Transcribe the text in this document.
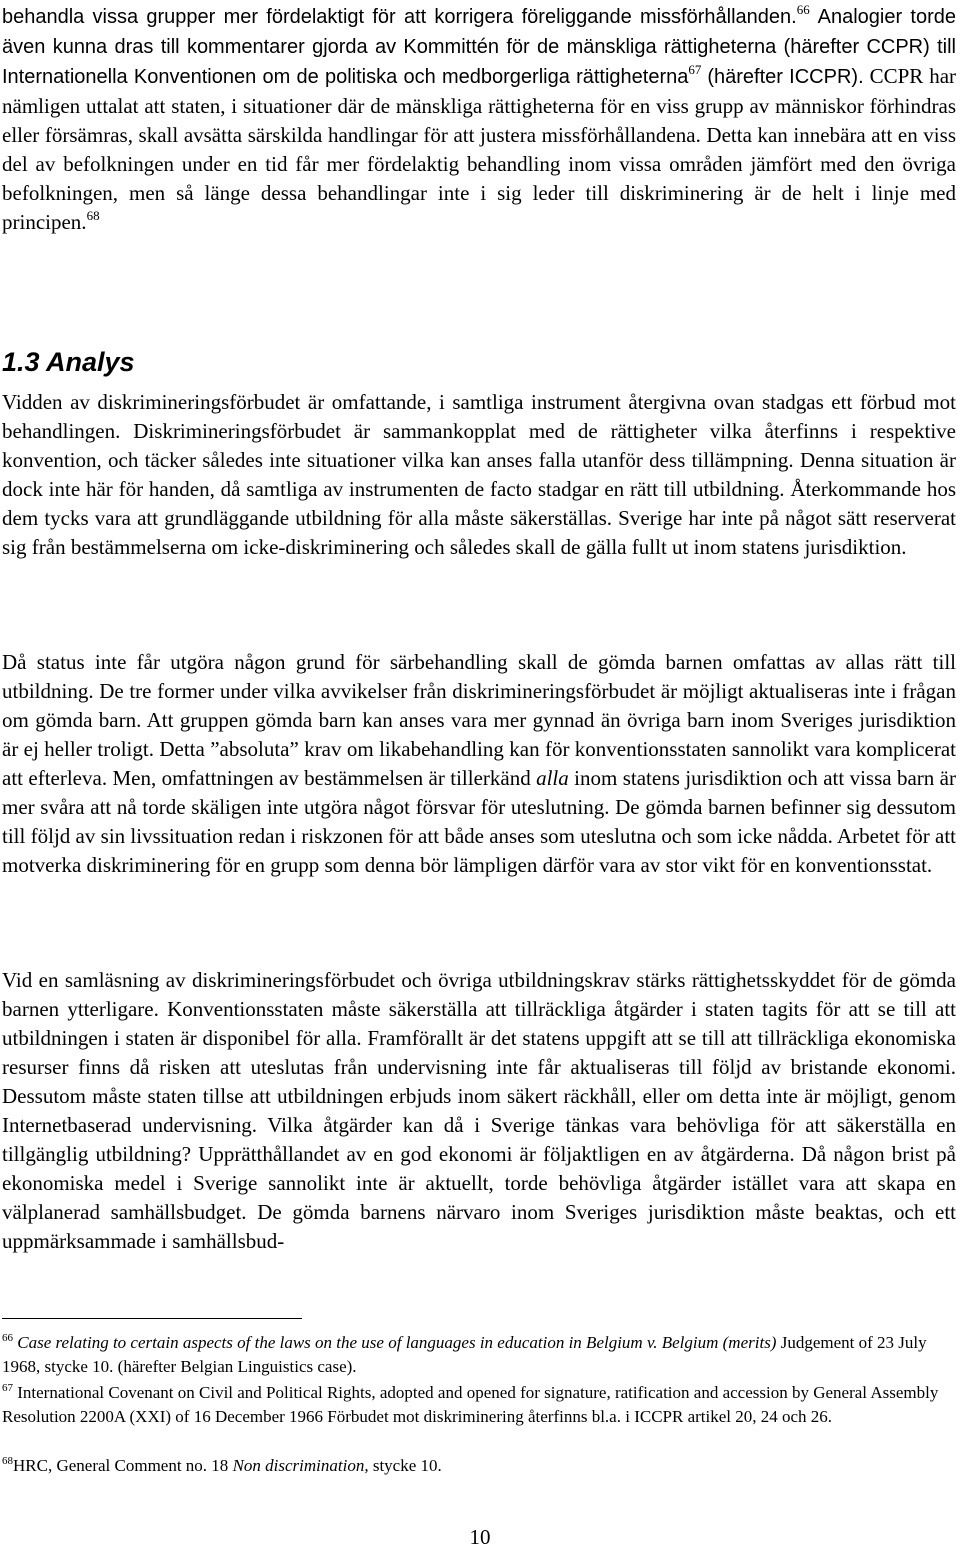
behandla vissa grupper mer fördelaktigt för att korrigera föreliggande missförhållanden.$^{66}$ Analogier torde även kunna dras till kommentarer gjorda av Kommittén för de mänskliga rättigheterna (härefter CCPR) till Internationella Konventionen om de politiska och medborgerliga rättigheterna$^{67}$ (härefter ICCPR). CCPR har nämligen uttalat att staten, i situationer där de mänskliga rättigheterna för en viss grupp av människor förhindras eller försämras, skall avsätta särskilda handlingar för att justera missförhållandena. Detta kan innebära att en viss del av befolkningen under en tid får mer fördelaktig behandling inom vissa områden jämfört med den övriga befolkningen, men så länge dessa behandlingar inte i sig leder till diskriminering är de helt i linje med principen.$^{68}$

1.3 Analys

Vidden av diskrimineringsförbudet är omfattande, i samtliga instrument återgivna ovan stadgas ett förbud mot behandlingen. Diskrimineringsförbudet är sammankopplat med de rättigheter vilka återfinns i respektive konvention, och täcker således inte situationer vilka kan anses falla utanför dess tillämpning. Denna situation är dock inte här för handen, då samtliga av instrumenten de facto stadgar en rätt till utbildning. Återkommande hos dem tycks vara att grundläggande utbildning för alla måste säkerställas. Sverige har inte på något sätt reserverat sig från bestämmelserna om icke-diskriminering och således skall de gälla fullt ut inom statens jurisdiktion.

Då status inte får utgöra någon grund för särbehandling skall de gömda barnen omfattas av allas rätt till utbildning. De tre former under vilka avvikelser från diskrimineringsförbudet är möjligt aktualiseras inte i frågan om gömda barn. Att gruppen gömda barn kan anses vara mer gynnad än övriga barn inom Sveriges jurisdiktion är ej heller troligt. Detta ”absoluta” krav om likabehandling kan för konventionsstaten sannolikt vara komplicerat att efterleva. Men, omfattningen av bestämmelsen är tillerkänd alla inom statens jurisdiktion och att vissa barn är mer svåra att nå torde skäligen inte utgöra något försvar för uteslutning. De gömda barnen befinner sig dessutom till följd av sin livssituation redan i riskzonen för att både anses som uteslutna och som icke nådda. Arbetet för att motverka diskriminering för en grupp som denna bör lämpligen därför vara av stor vikt för en konventionsstat.

Vid en samläsning av diskrimineringsförbudet och övriga utbildningskrav stärks rättighetsskyddet för de gömda barnen ytterligare. Konventionsstaten måste säkerställa att tillräckliga åtgärder i staten tagits för att se till att utbildningen i staten är disponibel för alla. Framförallt är det statens uppgift att se till att tillräckliga ekonomiska resurser finns då risken att uteslutas från undervisning inte får aktualiseras till följd av bristande ekonomi. Dessutom måste staten tillse att utbildningen erbjuds inom säkert räckhåll, eller om detta inte är möjligt, genom Internetbaserad undervisning. Vilka åtgärder kan då i Sverige tänkas vara behövliga för att säkerställa en tillgänglig utbildning? Upprätthållandet av en god ekonomi är följaktligen en av åtgärderna. Då någon brist på ekonomiska medel i Sverige sannolikt inte är aktuellt, torde behövliga åtgärder istället vara att skapa en välplanerad samhällsbudget. De gömda barnens närvaro inom Sveriges jurisdiktion måste beaktas, och ett uppmärksammade i samhällsbud-

$^{66}$ Case relating to certain aspects of the laws on the use of languages in education in Belgium v. Belgium (merits) Judgement of 23 July 1968, stycke 10. (härefter Belgian Linguistics case).

$^{67}$ International Covenant on Civil and Political Rights, adopted and opened for signature, ratification and accession by General Assembly Resolution 2200A (XXI) of 16 December 1966 Förbudet mot diskriminering återfinns bl.a. i ICCPR artikel 20, 24 och 26.

$^{68}$HRC, General Comment no. 18 Non discrimination, stycke 10.

10
